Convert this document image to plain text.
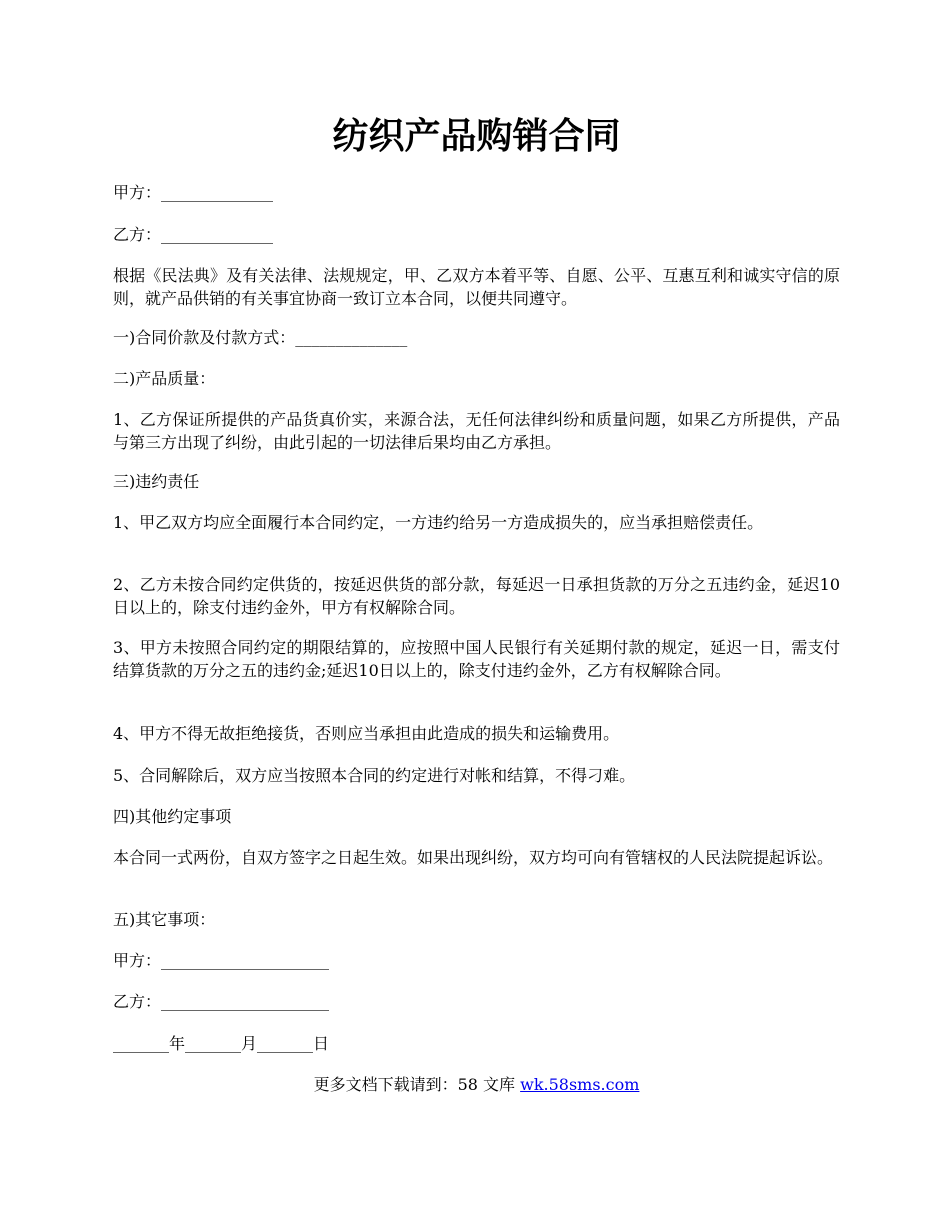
纺织产品购销合同

甲方：______________

乙方：______________

根据《民法典》及有关法律、法规规定，甲、乙双方本着平等、自愿、公平、互惠互利和诚实守信的原则，就产品供销的有关事宜协商一致订立本合同，以便共同遵守。

一)合同价款及付款方式：______________

二)产品质量：

1、乙方保证所提供的产品货真价实，来源合法，无任何法律纠纷和质量问题，如果乙方所提供，产品与第三方出现了纠纷，由此引起的一切法律后果均由乙方承担。

三)违约责任

1、甲乙双方均应全面履行本合同约定，一方违约给另一方造成损失的，应当承担赔偿责任。

2、乙方未按合同约定供货的，按延迟供货的部分款，每延迟一日承担货款的万分之五违约金，延迟10日以上的，除支付违约金外，甲方有权解除合同。

3、甲方未按照合同约定的期限结算的，应按照中国人民银行有关延期付款的规定，延迟一日，需支付结算货款的万分之五的违约金;延迟10日以上的，除支付违约金外，乙方有权解除合同。

4、甲方不得无故拒绝接货，否则应当承担由此造成的损失和运输费用。

5、合同解除后，双方应当按照本合同的约定进行对帐和结算，不得刁难。

四)其他约定事项

本合同一式两份，自双方签字之日起生效。如果出现纠纷，双方均可向有管辖权的人民法院提起诉讼。

五)其它事项：

甲方：_____________________

乙方：_____________________

_______年_______月_______日

更多文档下载请到：58 文库 wk.58sms.com
